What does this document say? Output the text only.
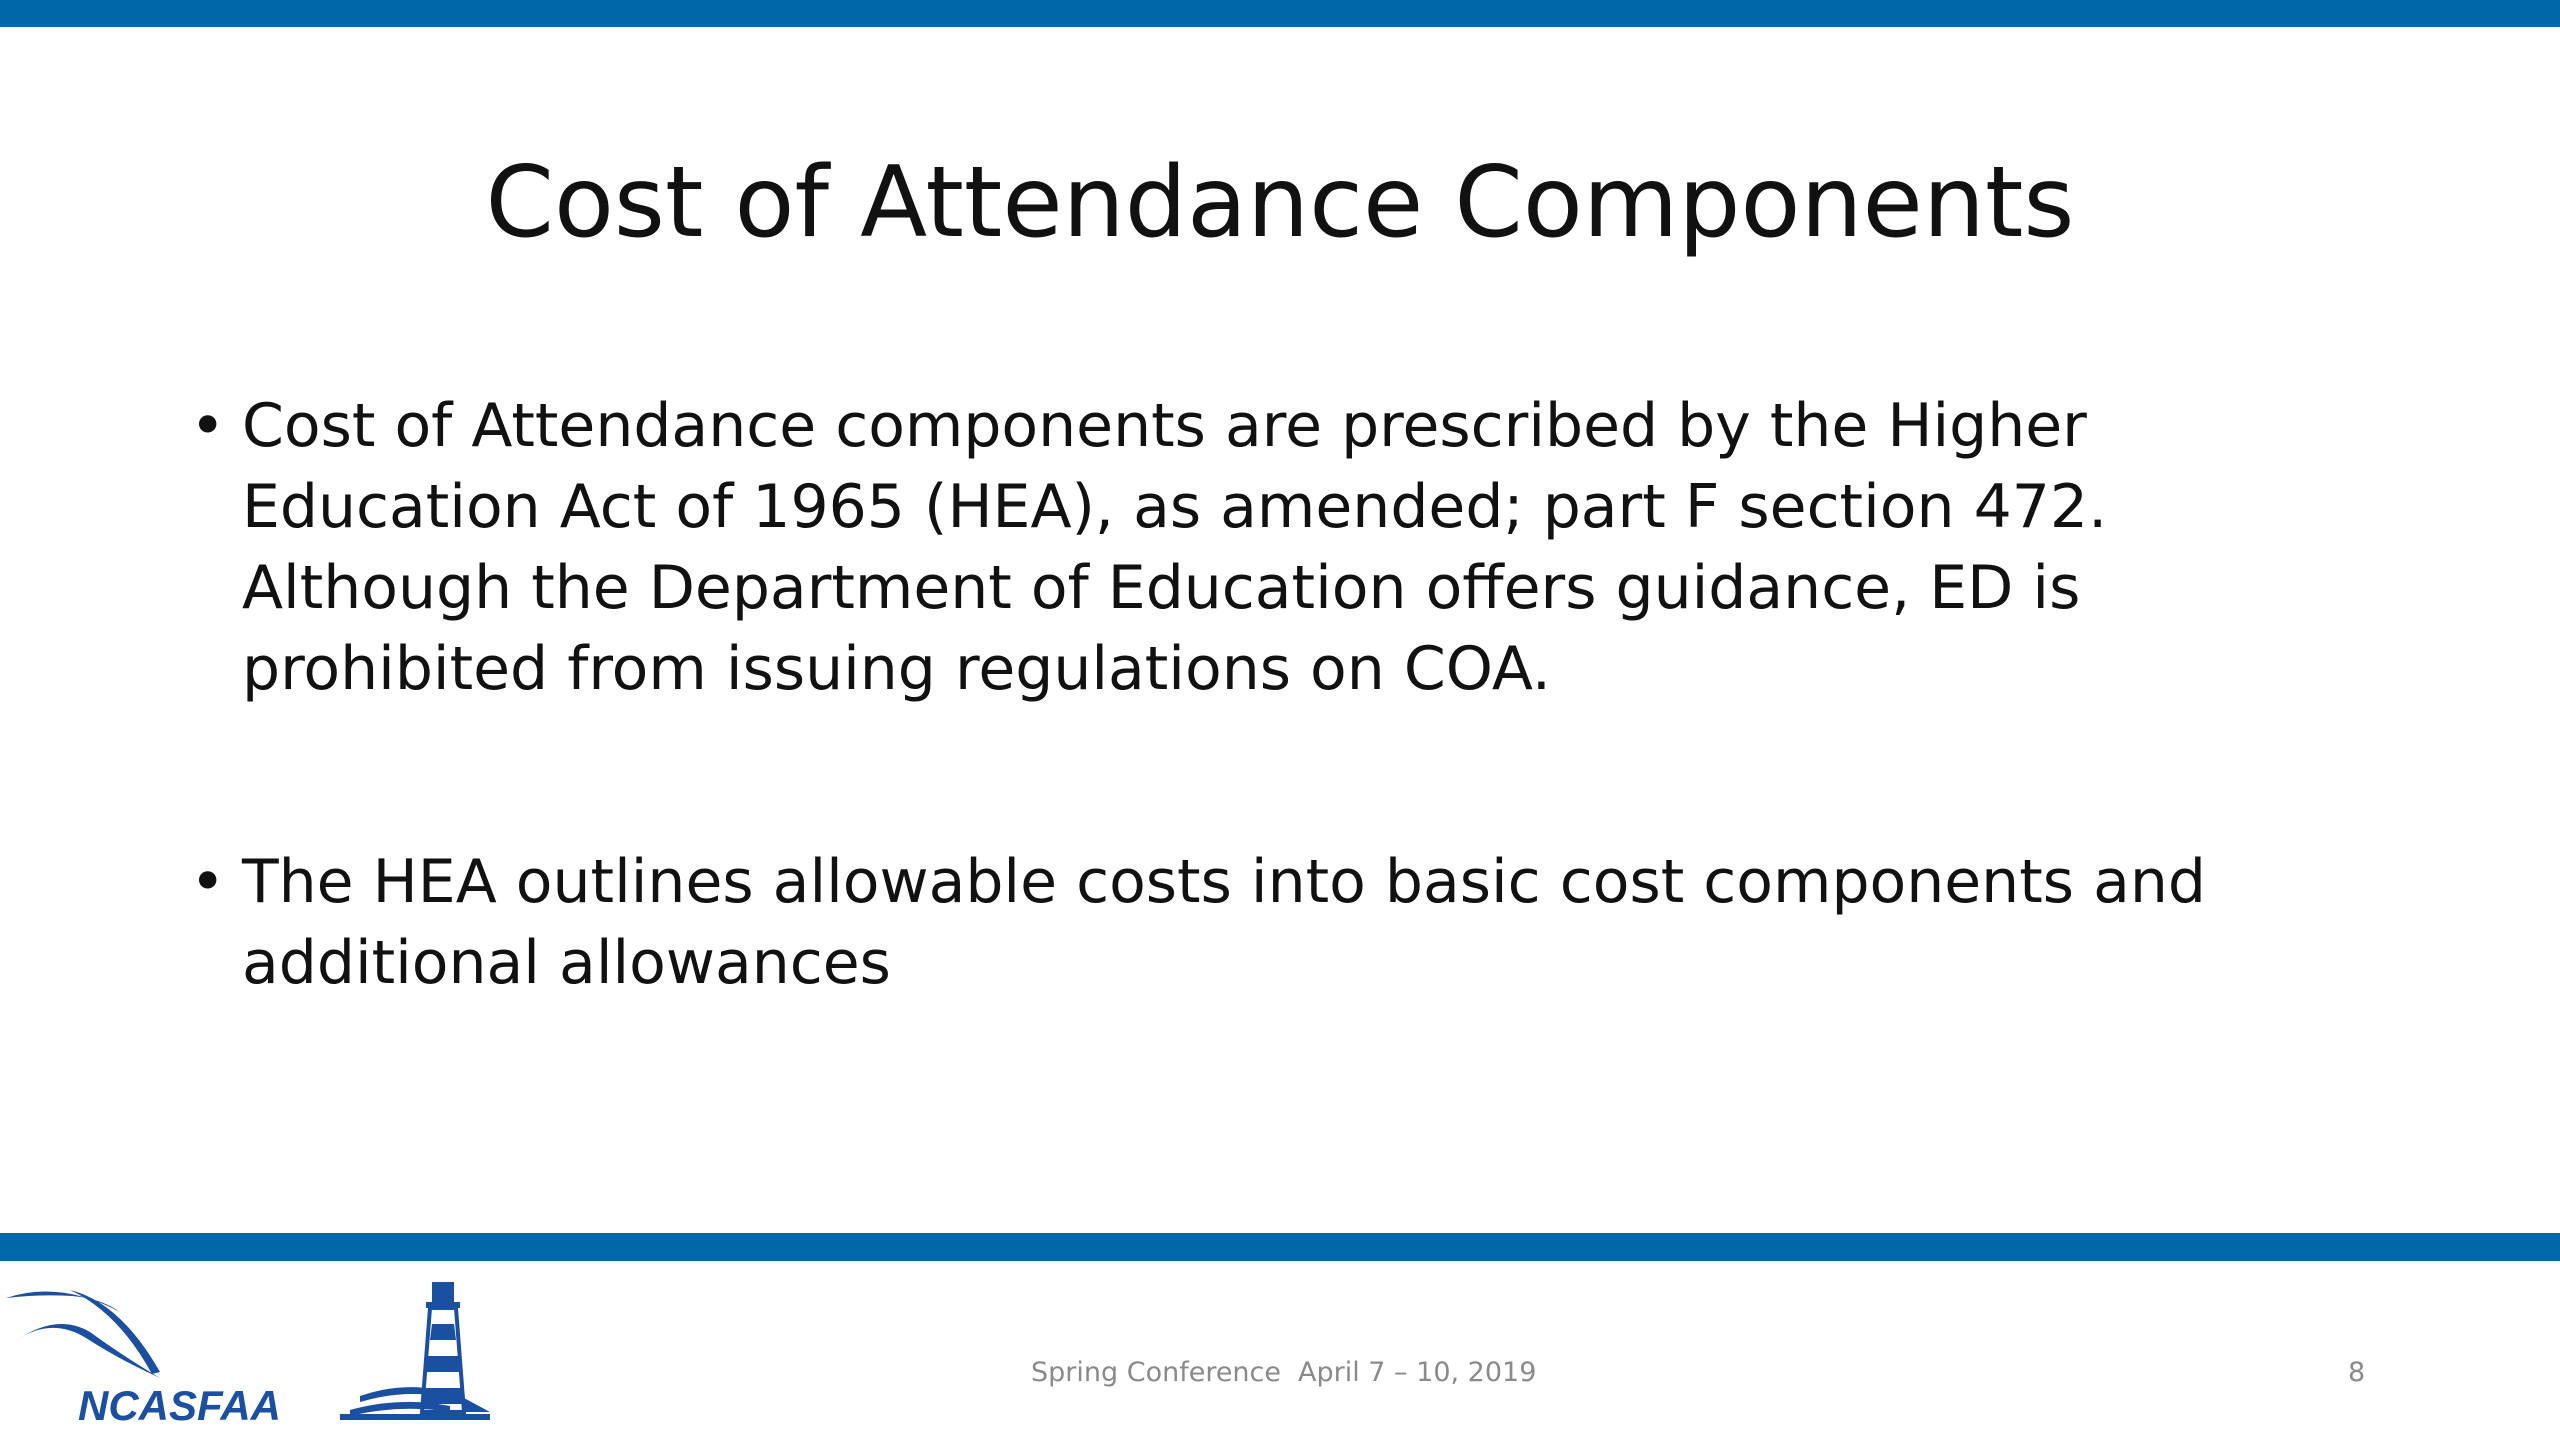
Cost of Attendance Components
• Cost of Attendance components are prescribed by the Higher
Education Act of 1965 (HEA), as amended; part F section 472.
Although the Department of Education offers guidance, ED is
prohibited from issuing regulations on COA.
• The HEA outlines allowable costs into basic cost components and
additional allowances
NCASFAA
Spring Conference April 7 – 10, 2019	8
